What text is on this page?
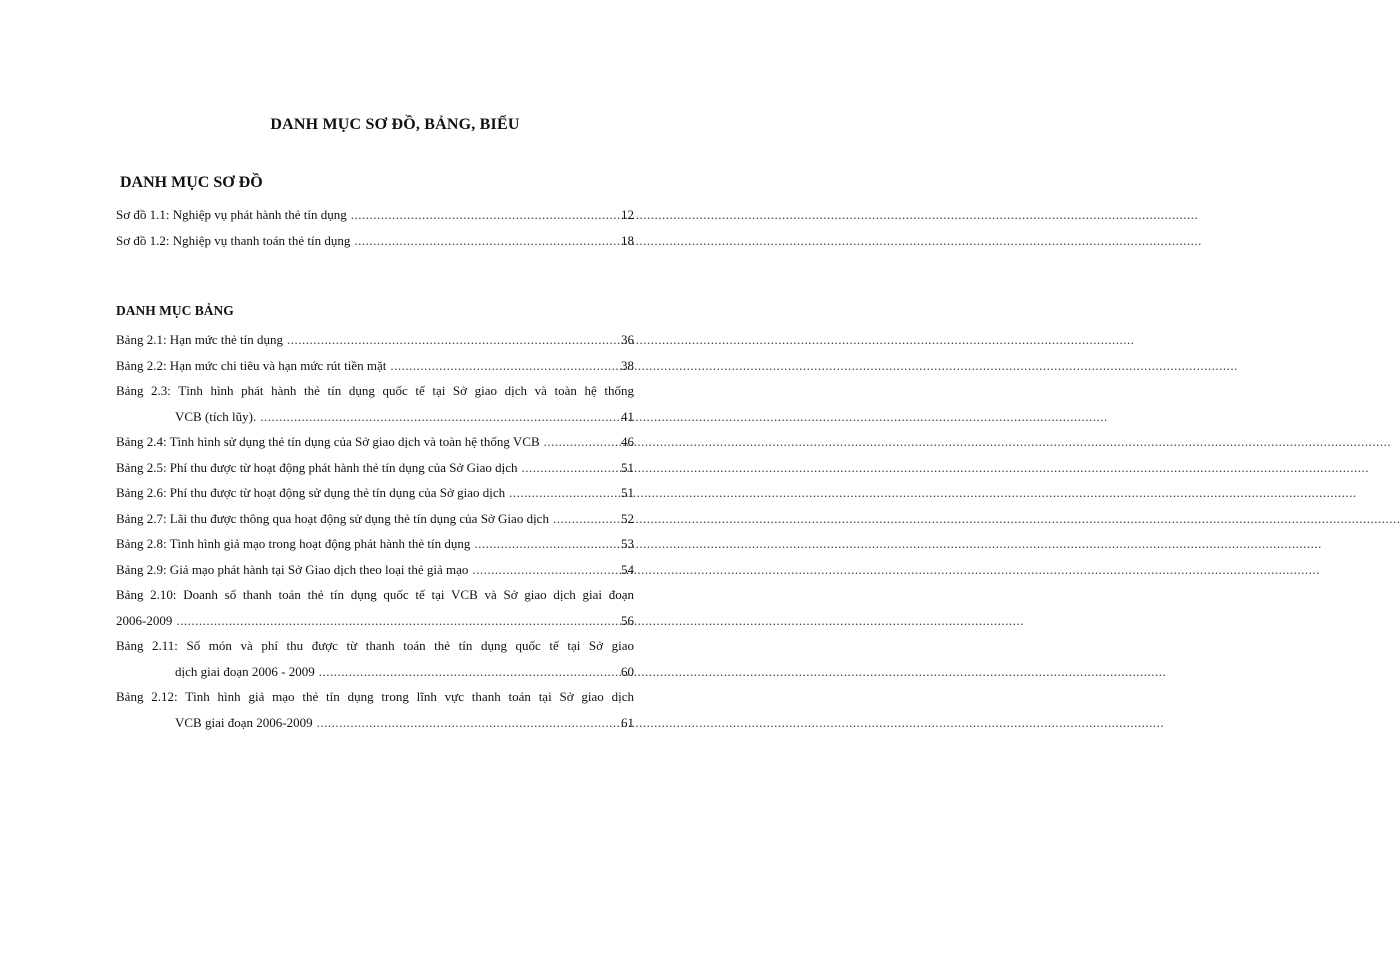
DANH MỤC SƠ ĐỒ, BẢNG, BIỂU
DANH MỤC SƠ ĐỒ
Sơ đồ 1.1: Nghiệp vụ phát hành thẻ tín dụng .....	12
Sơ đồ 1.2: Nghiệp vụ thanh toán thẻ tín dụng .....	18
DANH MỤC BẢNG
Bảng 2.1: Hạn mức thẻ tín dụng .....	36
Bảng 2.2: Hạn mức chi tiêu và hạn mức rút tiền mặt .....	38
Bảng 2.3: Tình hình phát hành thẻ tín dụng quốc tế tại Sở giao dịch và toàn hệ thống
VCB (tích lũy). .....	41
Bảng 2.4: Tình hình sử dụng thẻ tín dụng của Sở giao dịch và toàn hệ thống VCB .....	46
Bảng 2.5: Phí thu được từ hoạt động phát hành thẻ tín dụng của Sở Giao dịch .....	51
Bảng 2.6: Phí thu được từ hoạt động sử dụng thẻ tín dụng của Sở giao dịch .....	51
Bảng 2.7: Lãi thu được thông qua hoạt động sử dụng thẻ tín dụng của Sở Giao dịch .....	52
Bảng 2.8: Tình hình giả mạo trong hoạt động phát hành thẻ tín dụng .....	53
Bảng 2.9: Giả mạo phát hành tại Sở Giao dịch theo loại thẻ giả mạo .....	54
Bảng 2.10: Doanh số thanh toán thẻ tín dụng quốc tế tại VCB và Sở giao dịch giai đoạn
2006-2009 .....	56
Bảng 2.11: Số món và phí thu được từ thanh toán thẻ tín dụng quốc tế tại Sở giao
dịch giai đoạn 2006 - 2009 .....	60
Bảng 2.12: Tình hình giả mạo thẻ tín dụng trong lĩnh vực thanh toán tại Sở giao dịch
VCB giai đoạn 2006-2009 .....	61
